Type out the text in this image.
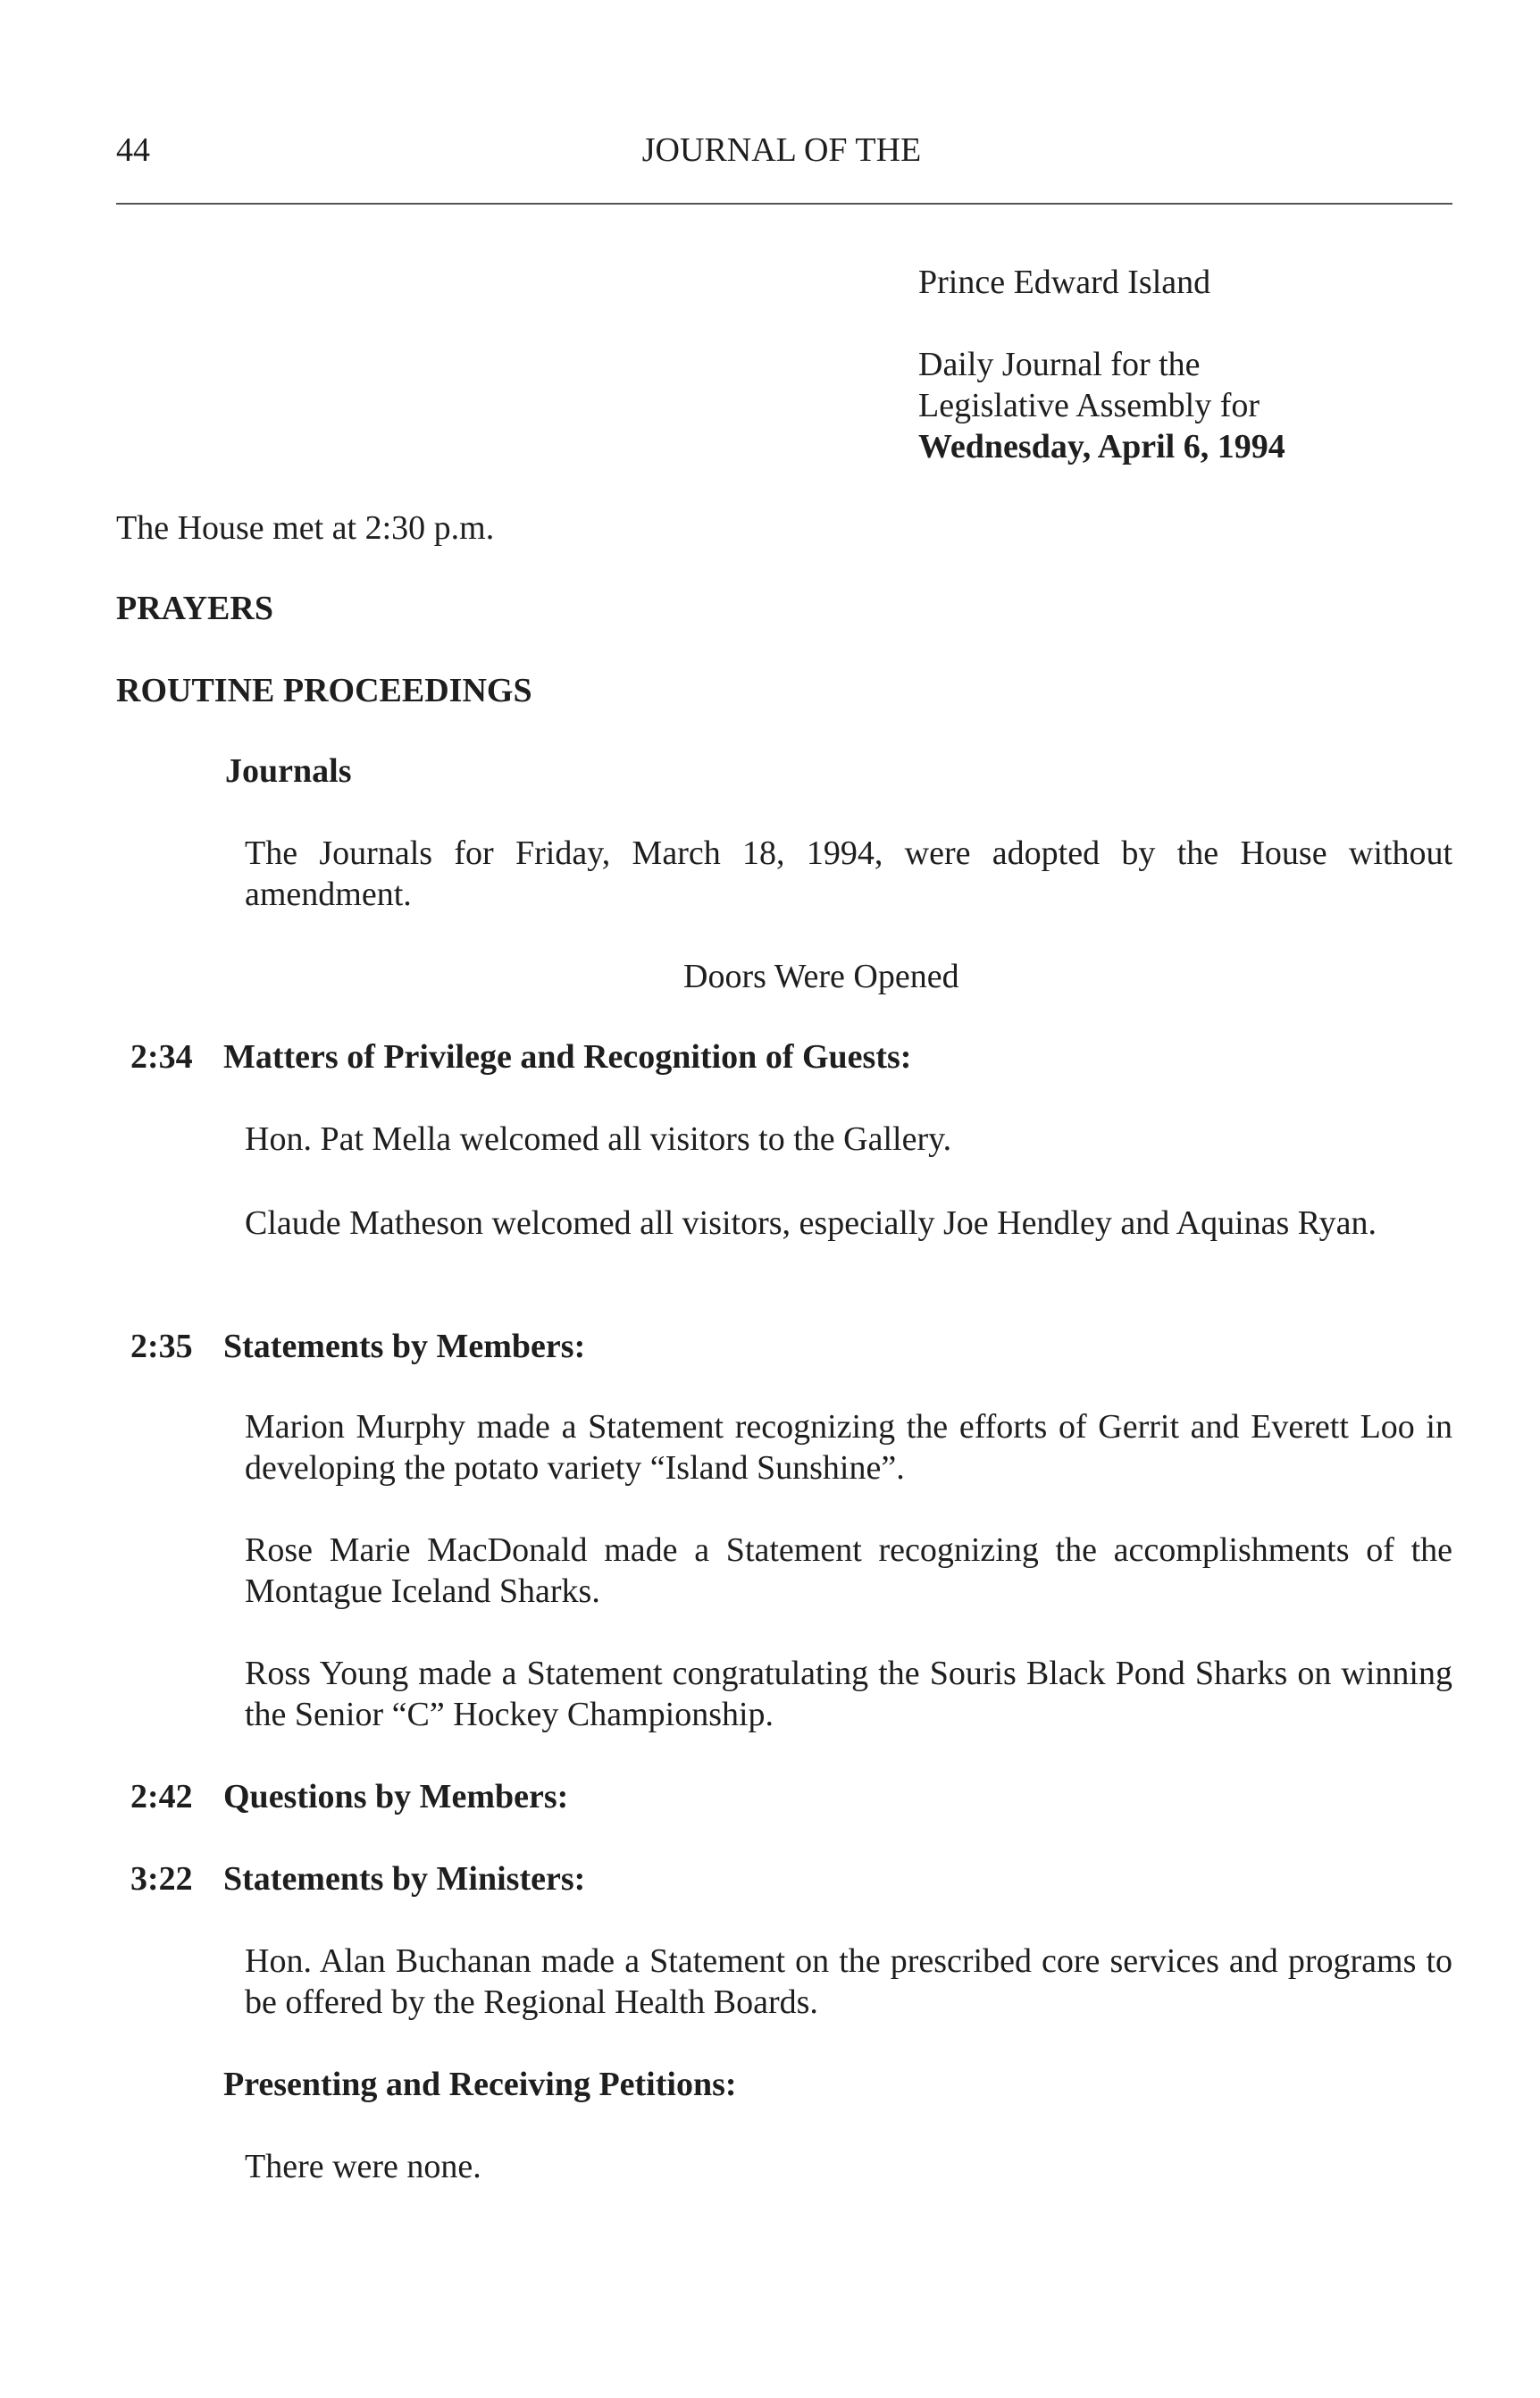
44	JOURNAL OF THE
Prince Edward Island
Daily Journal for the
Legislative Assembly for
Wednesday, April 6, 1994
The House met at 2:30 p.m.
PRAYERS
ROUTINE PROCEEDINGS
Journals

The Journals for Friday, March 18, 1994, were adopted by the House without amendment.

Doors Were Opened
2:34 Matters of Privilege and Recognition of Guests:

Hon. Pat Mella welcomed all visitors to the Gallery.

Claude Matheson welcomed all visitors, especially Joe Hendley and Aquinas Ryan.

2:35 Statements by Members:

Marion Murphy made a Statement recognizing the efforts of Gerrit and Everett Loo in developing the potato variety “Island Sunshine”.

Rose Marie MacDonald made a Statement recognizing the accomplishments of the Montague Iceland Sharks.

Ross Young made a Statement congratulating the Souris Black Pond Sharks on winning the Senior “C” Hockey Championship.

2:42 Questions by Members:
3:22 Statements by Ministers:

Hon. Alan Buchanan made a Statement on the prescribed core services and programs to be offered by the Regional Health Boards.

Presenting and Receiving Petitions:
There were none.
